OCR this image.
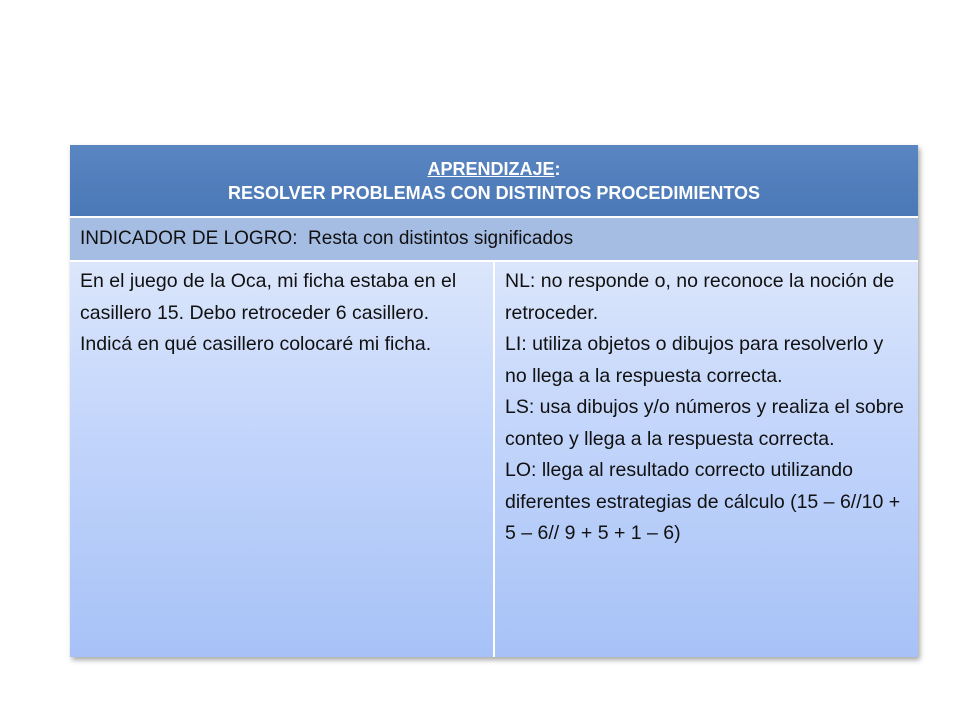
APRENDIZAJE:
RESOLVER PROBLEMAS CON DISTINTOS PROCEDIMIENTOS
INDICADOR DE LOGRO:  Resta con distintos significados

En el juego de la Oca, mi ficha estaba en el casillero 15. Debo retroceder 6 casillero. Indicá en qué casillero colocaré mi ficha.

NL: no responde o, no reconoce la noción de retroceder.

LI: utiliza objetos o dibujos para resolverlo y no llega a la respuesta correcta.

LS: usa dibujos y/o números y realiza el sobre conteo y llega a la respuesta correcta.

LO: llega al resultado correcto utilizando diferentes estrategias de cálculo (15 – 6//10 + 5 – 6// 9 + 5 + 1 – 6)
